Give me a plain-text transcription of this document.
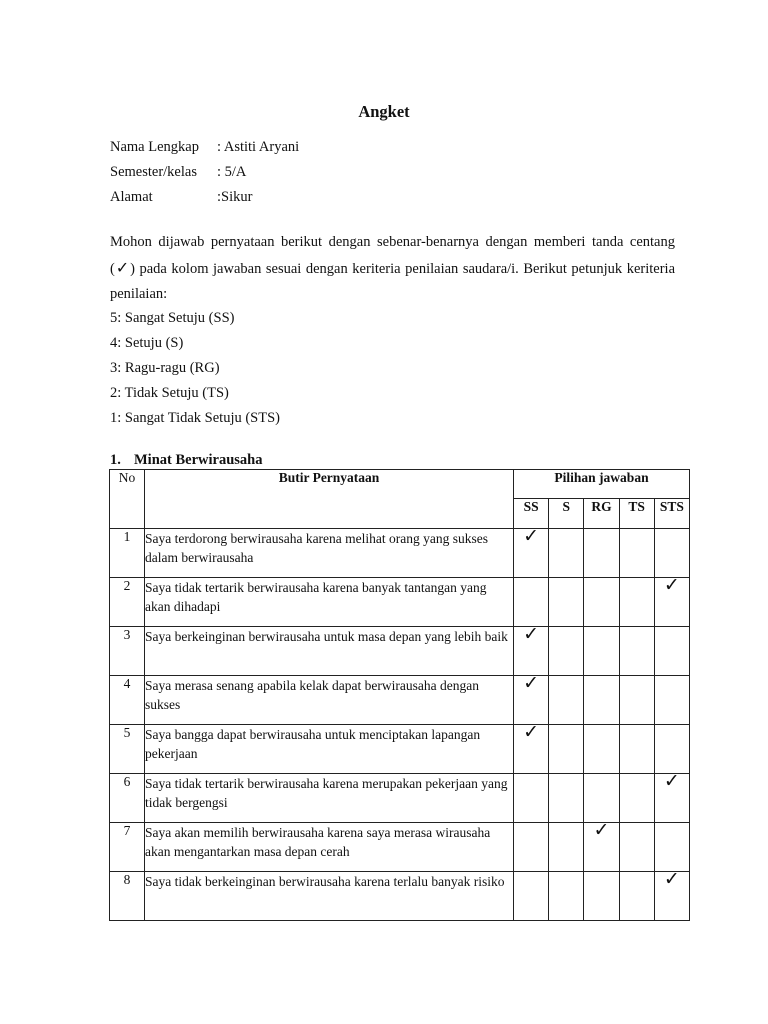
Angket
Nama Lengkap	: Astiti Aryani
Semester/kelas	: 5/A
Alamat	:Sikur
Mohon dijawab pernyataan berikut dengan sebenar-benarnya dengan memberi tanda centang (✓) pada kolom jawaban sesuai dengan keriteria penilaian saudara/i. Berikut petunjuk keriteria penilaian:
5: Sangat Setuju (SS)
4: Setuju (S)
3: Ragu-ragu (RG)
2: Tidak Setuju (TS)
1: Sangat Tidak Setuju (STS)
1. Minat Berwirausaha
No	Butir Pernyataan	Pilihan jawaban				
		SS	S	RG	TS	STS
1	Saya terdorong berwirausaha karena melihat orang yang sukses dalam berwirausaha	✓				
2	Saya tidak tertarik berwirausaha karena banyak tantangan yang akan dihadapi					✓
3	Saya berkeinginan berwirausaha untuk masa depan yang lebih baik	✓				
4	Saya merasa senang apabila kelak dapat berwirausaha dengan sukses	✓				
5	Saya bangga dapat berwirausaha untuk menciptakan lapangan pekerjaan	✓				
6	Saya tidak tertarik berwirausaha karena merupakan pekerjaan yang tidak bergengsi					✓
7	Saya akan memilih berwirausaha karena saya merasa wirausaha akan mengantarkan masa depan cerah			✓		
8	Saya tidak berkeinginan berwirausaha karena terlalu banyak risiko					✓
